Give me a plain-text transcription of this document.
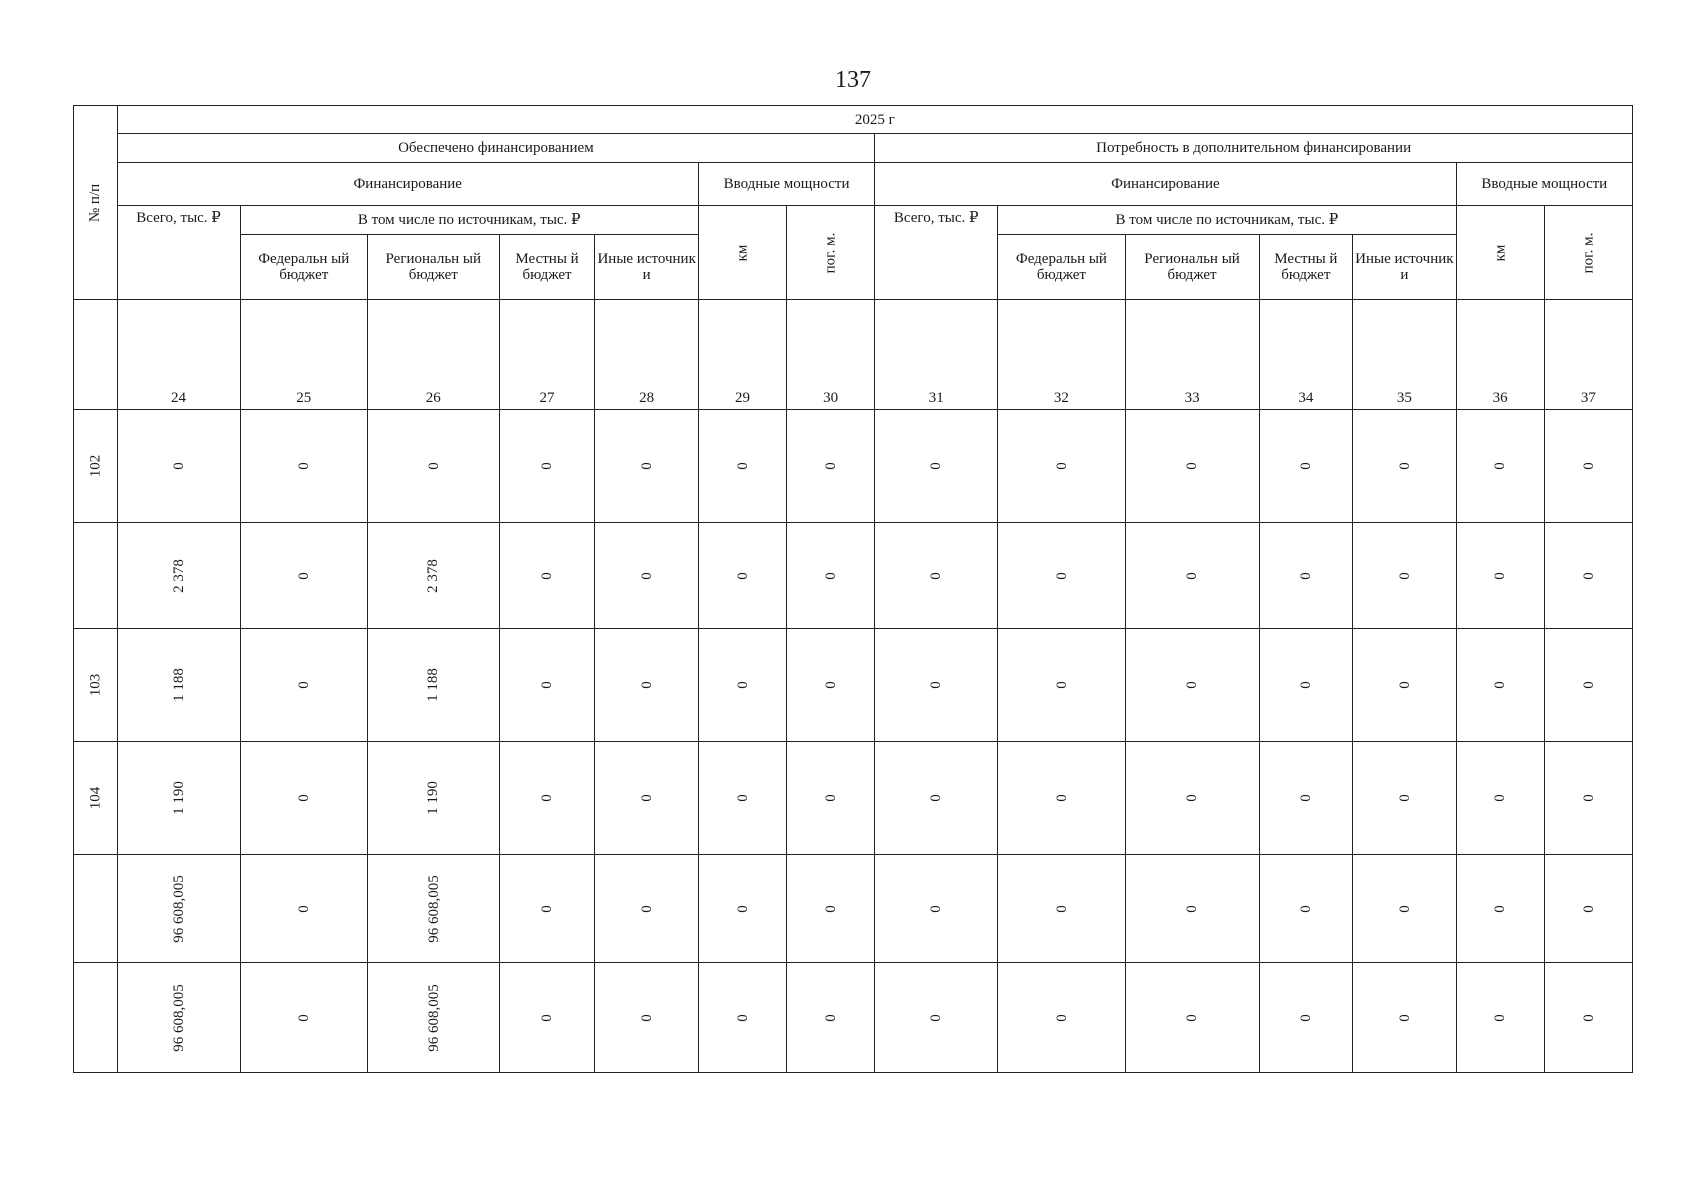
137
№ п/п	2025 г													
	Обеспечено финансированием							Потребность в дополнительном финансировании						
	Финансирование					Вводные мощности		Финансирование					Вводные мощности	
	Всего, тыс. ₽	В том числе по источникам, тыс. ₽				км	пог. м.	Всего, тыс. ₽	В том числе по источникам, тыс. ₽				км	пог. м.
		Федеральн ый бюджет	Региональн ый бюджет	Местны й бюджет	Иные источник и				Федеральн ый бюджет	Региональн ый бюджет	Местны й бюджет	Иные источник и		
	24	25	26	27	28	29	30	31	32	33	34	35	36	37
102	0	0	0	0	0	0	0	0	0	0	0	0	0	0
	2 378	0	2 378	0	0	0	0	0	0	0	0	0	0	0
103	1 188	0	1 188	0	0	0	0	0	0	0	0	0	0	0
104	1 190	0	1 190	0	0	0	0	0	0	0	0	0	0	0
	96 608,005	0	96 608,005	0	0	0	0	0	0	0	0	0	0	0
	96 608,005	0	96 608,005	0	0	0	0	0	0	0	0	0	0	0
